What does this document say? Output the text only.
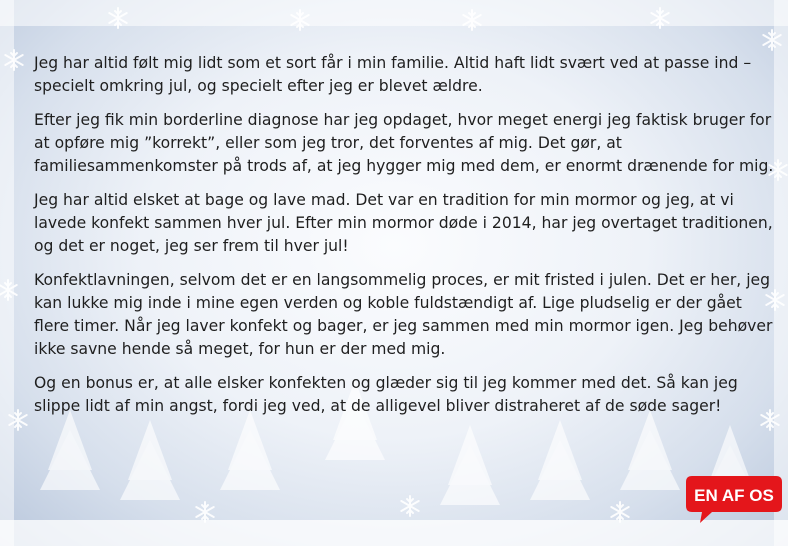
Jeg har altid følt mig lidt som et sort får i min familie. Altid haft lidt svært ved at passe ind – specielt omkring jul, og specielt efter jeg er blevet ældre.

Efter jeg fik min borderline diagnose har jeg opdaget, hvor meget energi jeg faktisk bruger for at opføre mig ”korrekt”, eller som jeg tror, det forventes af mig. Det gør, at familiesammenkomster på trods af, at jeg hygger mig med dem, er enormt drænende for mig.

Jeg har altid elsket at bage og lave mad. Det var en tradition for min mormor og jeg, at vi lavede konfekt sammen hver jul. Efter min mormor døde i 2014, har jeg overtaget traditionen, og det er noget, jeg ser frem til hver jul!

Konfektlavningen, selvom det er en langsommelig proces, er mit fristed i julen. Det er her, jeg kan lukke mig inde i mine egen verden og koble fuldstændigt af. Lige pludselig er der gået flere timer. Når jeg laver konfekt og bager, er jeg sammen med min mormor igen. Jeg behøver ikke savne hende så meget, for hun er der med mig.

Og en bonus er, at alle elsker konfekten og glæder sig til jeg kommer med det. Så kan jeg slippe lidt af min angst, fordi jeg ved, at de alligevel bliver distraheret af de søde sager!

EN AF OS
